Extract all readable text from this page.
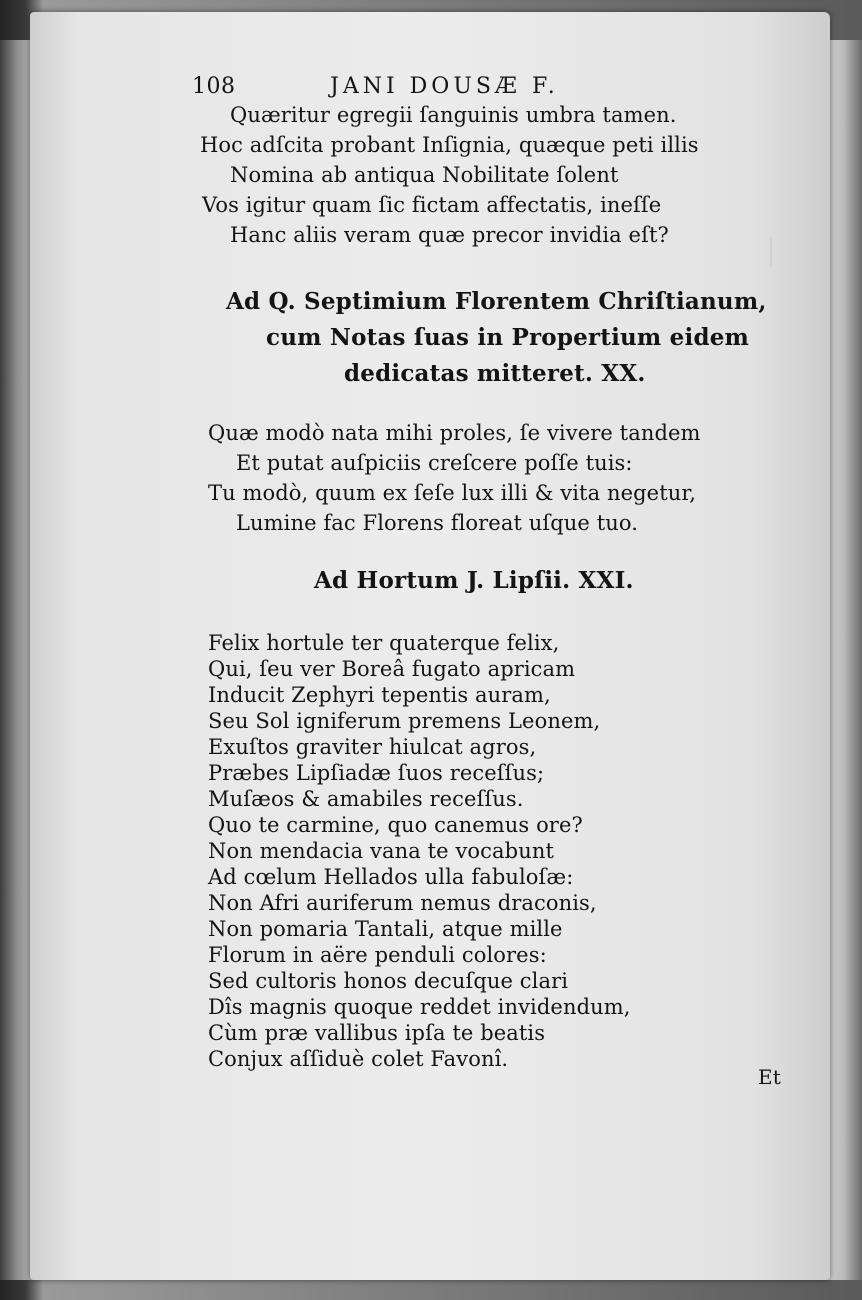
108	JANI DOUSÆ F.
Quæritur egregii ſanguinis umbra tamen.
Hoc adſcita probant Inſignia, quæque peti illis
Nomina ab antiqua Nobilitate ſolent
Vos igitur quam ſic fictam affectatis, ineſſe
Hanc aliis veram quæ precor invidia eſt?
Ad Q. Septimium Florentem Chriſtianum,
cum Notas ſuas in Propertium eidem
dedicatas mitteret. XX.
Quæ modò nata mihi proles, ſe vivere tandem
Et putat auſpiciis creſcere poſſe tuis:
Tu modò, quum ex ſeſe lux illi & vita negetur,
Lumine fac Florens floreat uſque tuo.
Ad Hortum J. Lipſii. XXI.
Felix hortule ter quaterque felix,
Qui, ſeu ver Boreâ fugato apricam
Inducit Zephyri tepentis auram,
Seu Sol igniferum premens Leonem,
Exuſtos graviter hiulcat agros,
Præbes Lipſiadæ ſuos receſſus;
Muſæos & amabiles receſſus.
Quo te carmine, quo canemus ore?
Non mendacia vana te vocabunt
Ad cœlum Hellados ulla fabuloſæ:
Non Afri auriferum nemus draconis,
Non pomaria Tantali, atque mille
Florum in aëre penduli colores:
Sed cultoris honos decuſque clari
Dîs magnis quoque reddet invidendum,
Cùm præ vallibus ipſa te beatis
Conjux aſſiduè colet Favonî.
Et
